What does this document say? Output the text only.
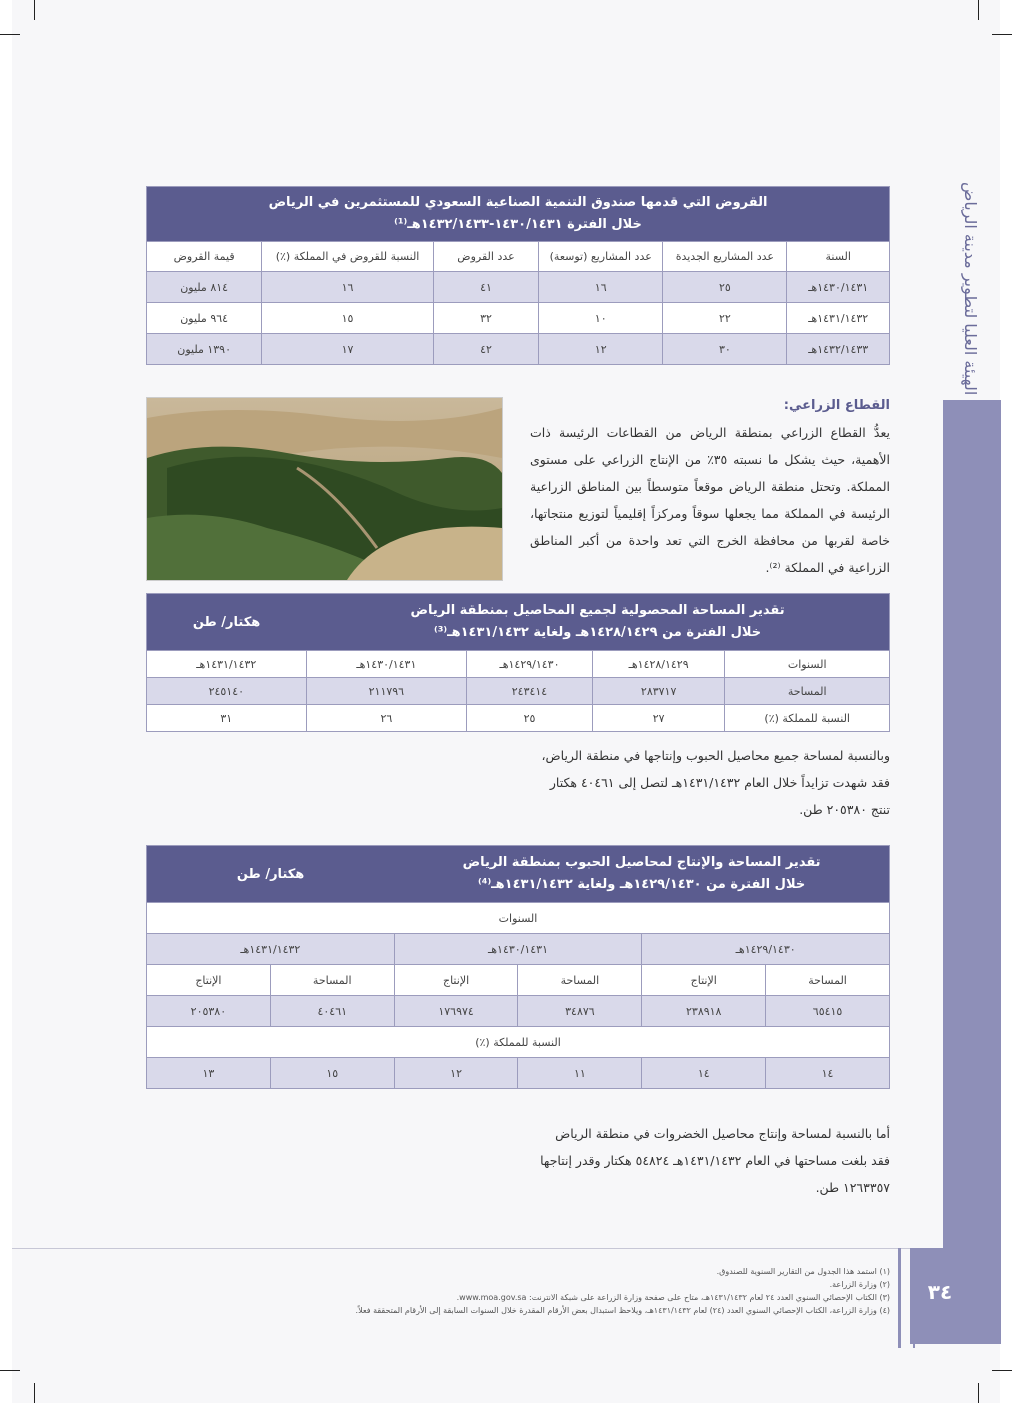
الهيئة العليا لتطوير مدينة الرياض
القروض التي قدمها صندوق التنمية الصناعية السعودي للمستثمرين في الرياض
خلال الفترة ١٤٣٠/١٤٣١-١٤٣٢/١٤٣٣هـ⁽¹⁾					

السنة	عدد المشاريع الجديدة	عدد المشاريع (توسعة)	عدد القروض	النسبة للقروض في المملكة (٪)	قيمة القروض
١٤٣٠/١٤٣١هـ	٢٥	١٦	٤١	١٦	٨١٤ مليون
١٤٣١/١٤٣٢هـ	٢٢	١٠	٣٢	١٥	٩٦٤ مليون
١٤٣٢/١٤٣٣هـ	٣٠	١٢	٤٢	١٧	١٣٩٠ مليون

القطاع الزراعي:

يعدُّ القطاع الزراعي بمنطقة الرياض من القطاعات الرئيسة ذات الأهمية، حيث يشكل ما نسبته ٣٥٪ من الإنتاج الزراعي على مستوى المملكة. وتحتل منطقة الرياض موقعاً متوسطاً بين المناطق الزراعية الرئيسة في المملكة مما يجعلها سوقاً ومركزاً إقليمياً لتوزيع منتجاتها، خاصة لقربها من محافظة الخرج التي تعد واحدة من أكبر المناطق الزراعية في المملكة ⁽²⁾.

تقدير المساحة المحصولية لجميع المحاصيل بمنطقة الرياض
خلال الفترة من ١٤٢٨/١٤٢٩هـ ولغاية ١٤٣١/١٤٣٢هـ⁽³⁾				هكتار/ طن
السنوات	١٤٢٨/١٤٢٩هـ	١٤٢٩/١٤٣٠هـ	١٤٣٠/١٤٣١هـ	١٤٣١/١٤٣٢هـ
المساحة	٢٨٣٧١٧	٢٤٣٤١٤	٢١١٧٩٦	٢٤٥١٤٠
النسبة للمملكة (٪)	٢٧	٢٥	٢٦	٣١

وبالنسبة لمساحة جميع محاصيل الحبوب وإنتاجها في منطقة الرياض،

فقد شهدت تزايداً خلال العام ١٤٣١/١٤٣٢هـ لتصل إلى ٤٠٤٦١ هكتار

تنتج ٢٠٥٣٨٠ طن.

تقدير المساحة والإنتاج لمحاصيل الحبوب بمنطقة الرياض
خلال الفترة من ١٤٢٩/١٤٣٠هـ ولغاية ١٤٣١/١٤٣٢هـ⁽⁴⁾				هكتار/ طن	
السنوات					
١٤٢٩/١٤٣٠هـ		١٤٣٠/١٤٣١هـ		١٤٣١/١٤٣٢هـ	
المساحة	الإنتاج	المساحة	الإنتاج	المساحة	الإنتاج
٦٥٤١٥	٢٣٨٩١٨	٣٤٨٧٦	١٧٦٩٧٤	٤٠٤٦١	٢٠٥٣٨٠
النسبة للمملكة (٪)					
١٤	١٤	١١	١٢	١٥	١٣

أما بالنسبة لمساحة وإنتاج محاصيل الخضروات في منطقة الرياض

فقد بلغت مساحتها في العام ١٤٣١/١٤٣٢هـ ٥٤٨٢٤ هكتار وقدر إنتاجها

١٢٦٣٣٥٧ طن.

٣٤
(١) استمد هذا الجدول من التقارير السنوية للصندوق.
(٢) وزارة الزراعة.
(٣) الكتاب الإحصائي السنوي العدد ٢٤ لعام ١٤٣١/١٤٣٢هـ، متاح على صفحة وزارة الزراعة على شبكة الانترنت: www.moa.gov.sa.
(٤) وزارة الزراعة، الكتاب الإحصائي السنوي العدد (٢٤) لعام ١٤٣١/١٤٣٢هـ، ويلاحظ استبدال بعض الأرقام المقدرة خلال السنوات السابقة إلى الأرقام المتحققة فعلاً.
